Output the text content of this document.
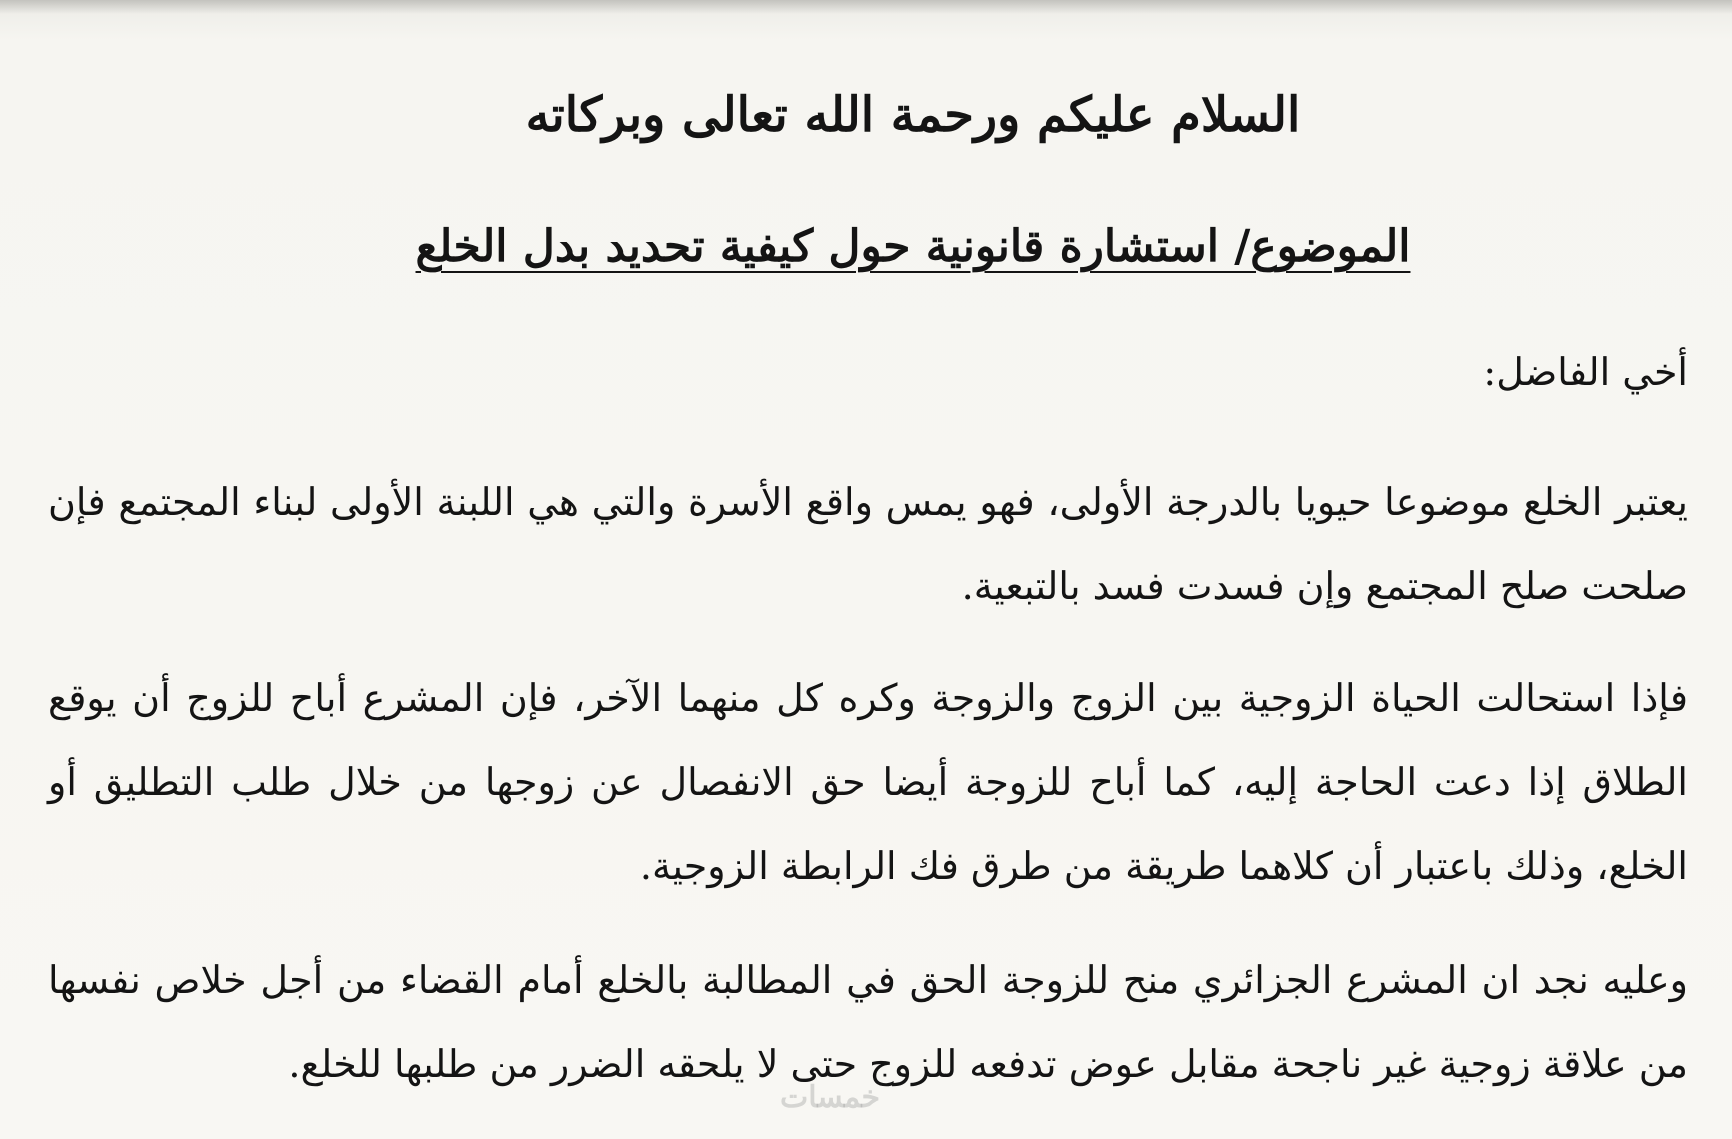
السلام عليكم ورحمة الله تعالى وبركاته
الموضوع/ استشارة قانونية حول كيفية تحديد بدل الخلع
أخي الفاضل:

يعتبر الخلع موضوعا حيويا بالدرجة الأولى، فهو يمس واقع الأسرة والتي هي اللبنة الأولى لبناء المجتمع فإن صلحت صلح المجتمع وإن فسدت فسد بالتبعية.

فإذا استحالت الحياة الزوجية بين الزوج والزوجة وكره كل منهما الآخر، فإن المشرع أباح للزوج أن يوقع الطلاق إذا دعت الحاجة إليه، كما أباح للزوجة أيضا حق الانفصال عن زوجها من خلال طلب التطليق أو الخلع، وذلك باعتبار أن كلاهما طريقة من طرق فك الرابطة الزوجية.

وعليه نجد ان المشرع الجزائري منح للزوجة الحق في المطالبة بالخلع أمام القضاء من أجل خلاص نفسها من علاقة زوجية غير ناجحة مقابل عوض تدفعه للزوج حتى لا يلحقه الضرر من طلبها للخلع.

خمسات
